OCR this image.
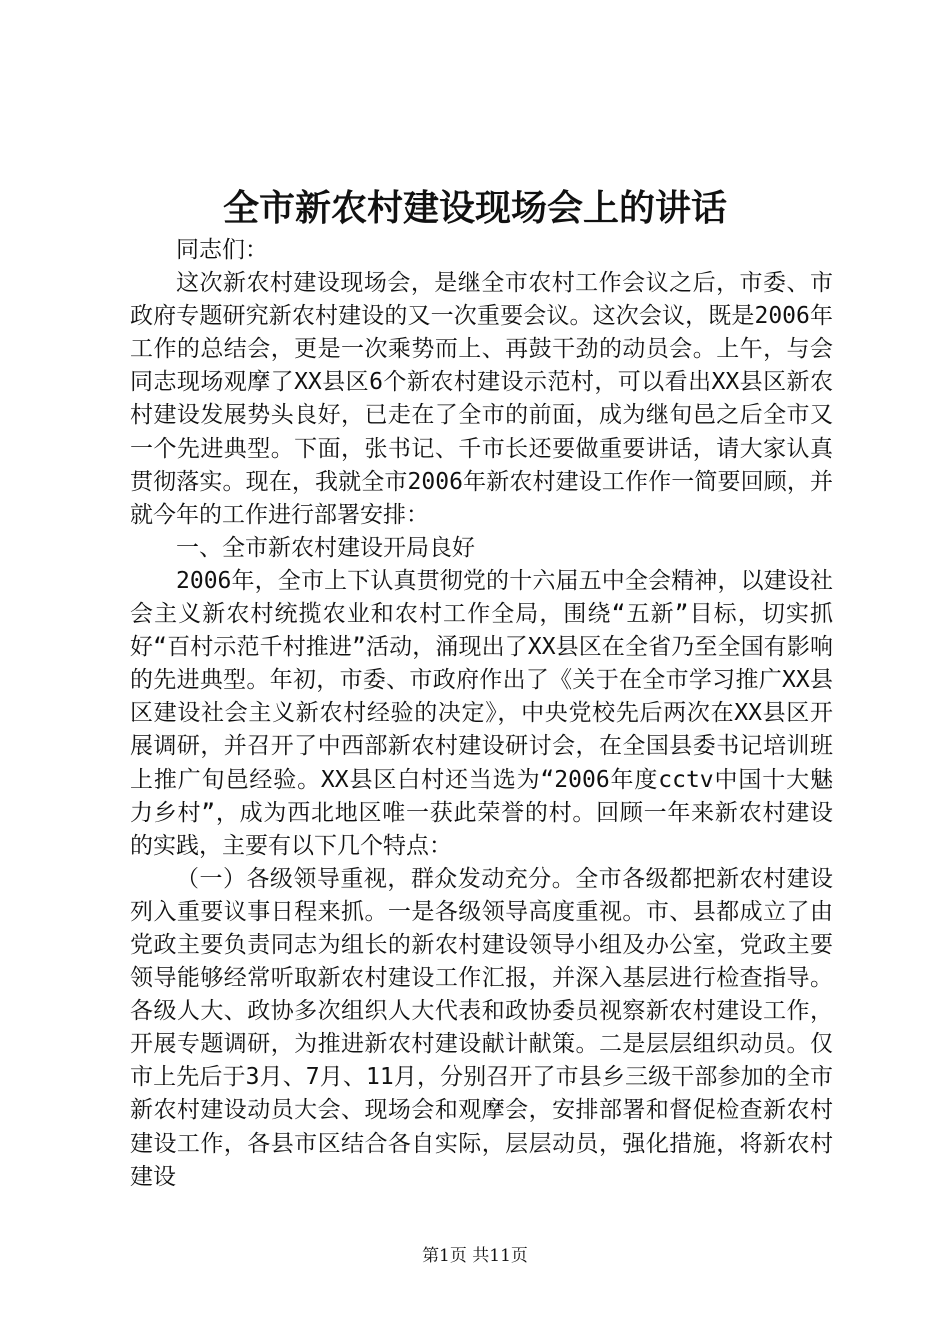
全市新农村建设现场会上的讲话

同志们：

这次新农村建设现场会，是继全市农村工作会议之后，市委、市政府专题研究新农村建设的又一次重要会议。这次会议，既是2006年工作的总结会，更是一次乘势而上、再鼓干劲的动员会。上午，与会同志现场观摩了XX县区6个新农村建设示范村，可以看出XX县区新农村建设发展势头良好，已走在了全市的前面，成为继旬邑之后全市又一个先进典型。下面，张书记、千市长还要做重要讲话，请大家认真贯彻落实。现在，我就全市2006年新农村建设工作作一简要回顾，并就今年的工作进行部署安排：

一、全市新农村建设开局良好

2006年，全市上下认真贯彻党的十六届五中全会精神，以建设社会主义新农村统揽农业和农村工作全局，围绕“五新”目标，切实抓好“百村示范千村推进”活动，涌现出了XX县区在全省乃至全国有影响的先进典型。年初，市委、市政府作出了《关于在全市学习推广XX县区建设社会主义新农村经验的决定》，中央党校先后两次在XX县区开展调研，并召开了中西部新农村建设研讨会，在全国县委书记培训班上推广旬邑经验。XX县区白村还当选为“2006年度cctv中国十大魅力乡村”，成为西北地区唯一获此荣誉的村。回顾一年来新农村建设的实践，主要有以下几个特点：

（一）各级领导重视，群众发动充分。全市各级都把新农村建设列入重要议事日程来抓。一是各级领导高度重视。市、县都成立了由党政主要负责同志为组长的新农村建设领导小组及办公室，党政主要领导能够经常听取新农村建设工作汇报，并深入基层进行检查指导。各级人大、政协多次组织人大代表和政协委员视察新农村建设工作，开展专题调研，为推进新农村建设献计献策。二是层层组织动员。仅市上先后于3月、7月、11月，分别召开了市县乡三级干部参加的全市新农村建设动员大会、现场会和观摩会，安排部署和督促检查新农村建设工作，各县市区结合各自实际，层层动员，强化措施，将新农村建设

第1页 共11页
